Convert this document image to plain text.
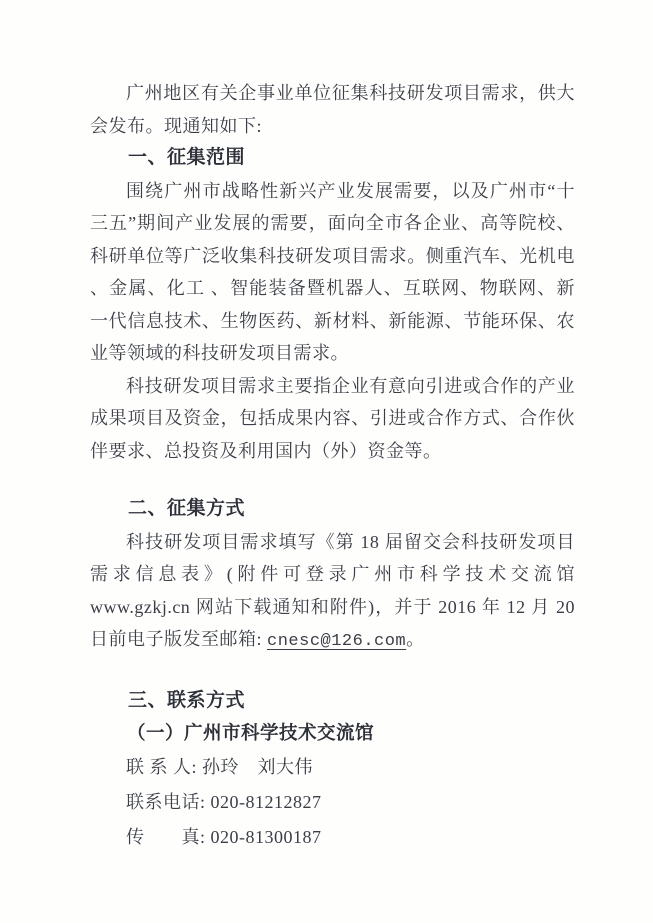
广州地区有关企事业单位征集科技研发项目需求，供大会发布。现通知如下:

一、征集范围

围绕广州市战略性新兴产业发展需要，以及广州市“十三五”期间产业发展的需要，面向全市各企业、高等院校、科研单位等广泛收集科技研发项目需求。侧重汽车、光机电 、金属、化工 、智能装备暨机器人、互联网、物联网、新一代信息技术、生物医药、新材料、新能源、节能环保、农业等领域的科技研发项目需求。

科技研发项目需求主要指企业有意向引进或合作的产业成果项目及资金，包括成果内容、引进或合作方式、合作伙伴要求、总投资及利用国内（外）资金等。

二、征集方式

科技研发项目需求填写《第 18 届留交会科技研发项目需求信息表》(附件可登录广州市科学技术交流馆 www.gzkj.cn 网站下载通知和附件)，并于 2016 年 12 月 20 日前电子版发至邮箱: cnesc@126.com。

三、联系方式
（一）广州市科学技术交流馆

联 系 人: 孙玲　刘大伟

联系电话: 020-81212827

传　　真: 020-81300187
